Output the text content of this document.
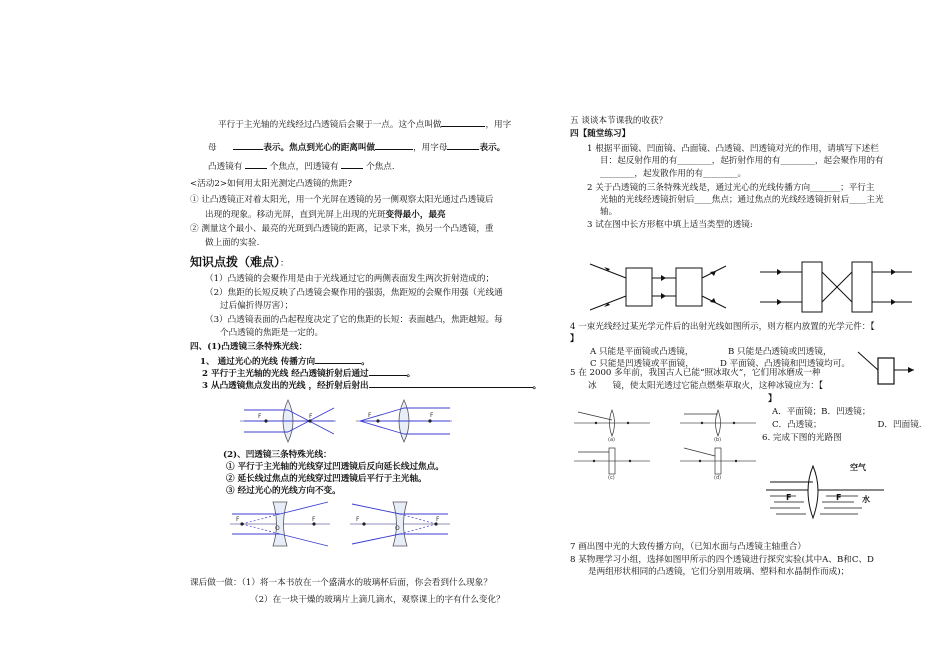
平行于主光轴的光线经过凸透镜后会聚于一点。这个点叫做	，用字
母	表示。焦点到光心的距离叫做	，用字母	表示。
凸透镜有	个焦点，凹透镜有	个焦点.
<活动2>如何用太阳光测定凸透镜的焦距?
① 让凸透镜正对着太阳光，用一个光屏在透镜的另一侧观察太阳光通过凸透镜后
出现的现象。移动光屏，直到光屏上出现的光斑变得最小，最亮
② 测量这个最小、最亮的光斑到凸透镜的距离，记录下来，换另一个凸透镜，重
做上面的实验.
知识点拨（难点）：
（1）凸透镜的会聚作用是由于光线通过它的两侧表面发生两次折射造成的；
（2）焦距的长短反映了凸透镜会聚作用的强弱，焦距短的会聚作用强（光线通
过后偏折得厉害）；
（3）凸透镜表面的凸起程度决定了它的焦距的长短：表面越凸，焦距越短。每
个凸透镜的焦距是一定的。
四、(1)凸透镜三条特殊光线：
1、 通过光心的光线 传播方向	。
2 平行于主光轴的光线 经凸透镜折射后通过	。
3 从凸透镜焦点发出的光线 ，经折射后射出	。
F	F	F	F
(2)、凹透镜三条特殊光线：
① 平行于主光轴的光线穿过凹透镜后反向延长线过焦点。
② 延长线过焦点的光线穿过凹透镜后平行于主光轴。
③ 经过光心的光线方向不变。
F
O
F	F
O
F
课后做一做：（1）将一本书放在一个盛满水的玻璃杯后面，你会看到什么现象？
（2）在一块干燥的玻璃片上滴几滴水，观察课上的字有什么变化？
五 谈谈本节课我的收获？
四【随堂练习】
1 根据平面镜、凹面镜、凸面镜、凸透镜、凹透镜对光的作用，请填写下述栏
目：起反射作用的有________，起折射作用的有________，起会聚作用的有
________，起发散作用的有________。
2 关于凸透镜的三条特殊光线是，通过光心的光线传播方向_______；平行主
光轴的光线经透镜折射后____焦点；通过焦点的光线经透镜折射后____主光
轴。
3 试在图中长方形框中填上适当类型的透镜:
4 一束光线经过某光学元件后的出射光线如图所示，则方框内放置的光学元件：【
】
A 只能是平面镜或凸透镜，	B 只能是凸透镜或凹透镜，
C 只能是凹透镜或平面镜，	D 平面镜、凸透镜和凹透镜均可。
5 在 2000 多年前，我国古人已能“照冰取火”，它们用冰磨成一种
冰 镜，使太阳光透过它能点燃柴草取火，这种冰镜应为：【
】
A．平面镜；B．凹透镜；
C．凸透镜；	D．凹面镜.
6. 完成下图的光路图
(a)	(b)
(c)	(d)
空气
水
F	F
7 画出图中光的大致传播方向，（已知水面与凸透镜主轴重合）
8 某物理学习小组，选择如图甲所示的四个透镜进行探究实验(其中A、B和C、D
是两组形状相同的凸透镜，它们分别用玻璃、塑料和水晶制作而成)；
